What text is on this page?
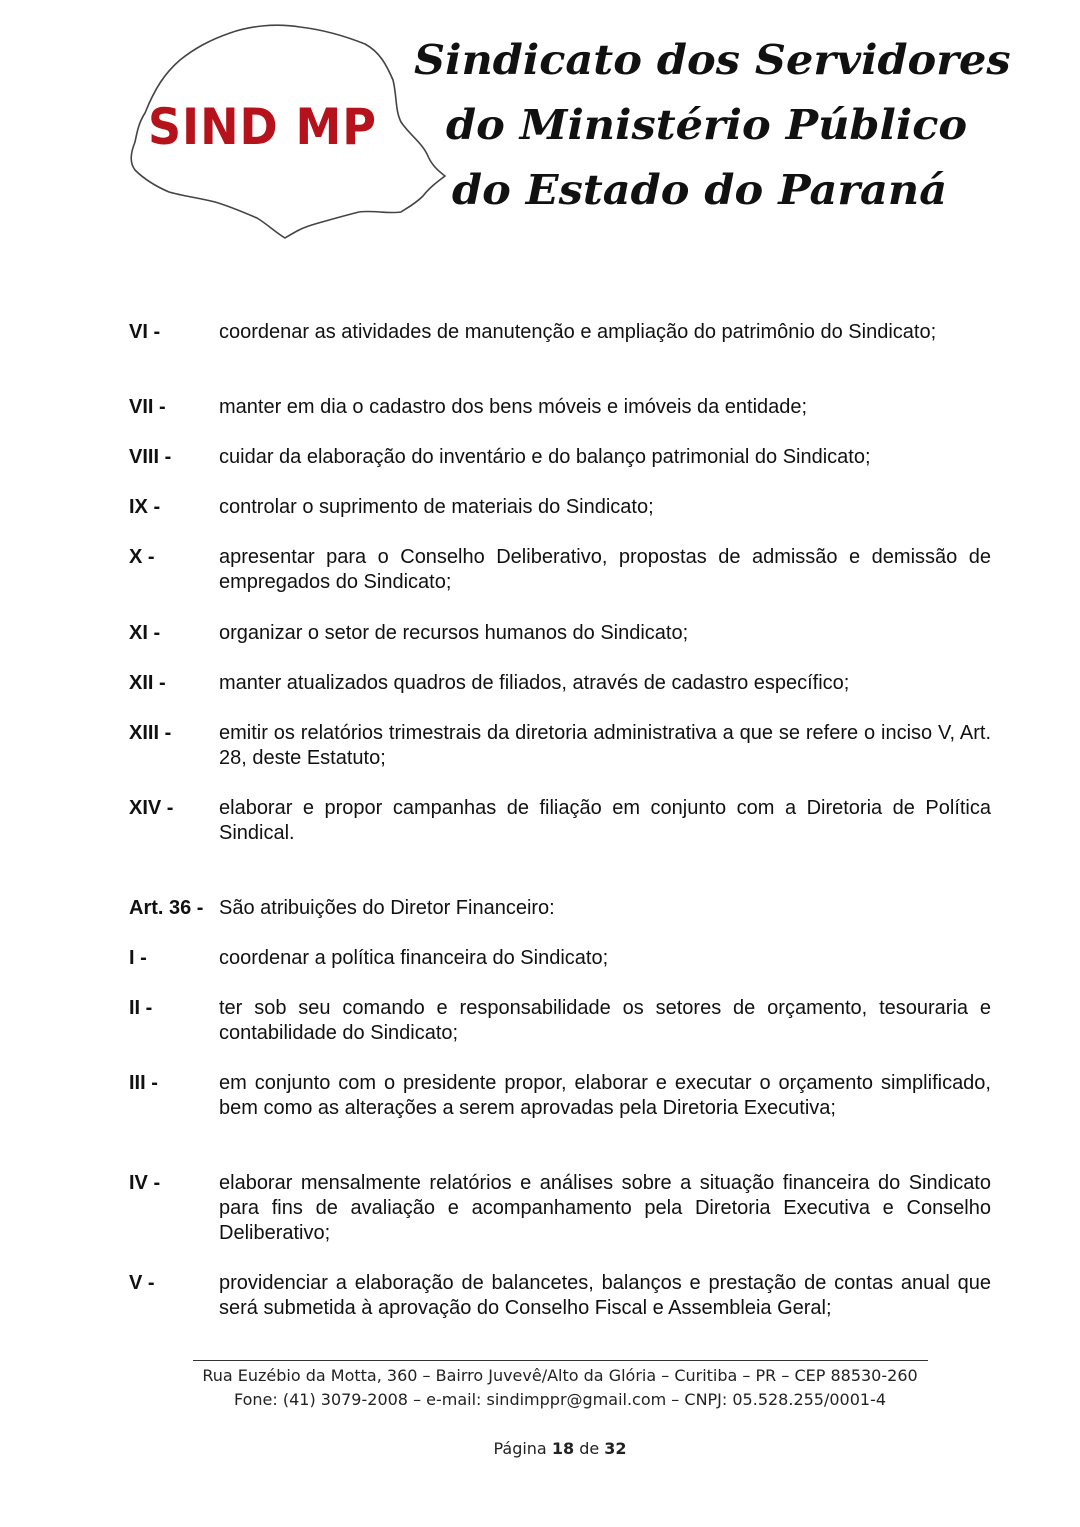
SIND MP
Sindicato dos Servidores
do Ministério Público
do Estado do Paraná
VI -	coordenar as atividades de manutenção e ampliação do patrimônio do Sindicato;
VII -	manter em dia o cadastro dos bens móveis e imóveis da entidade;
VIII - cuidar da elaboração do inventário e do balanço patrimonial do Sindicato;
IX -	controlar o suprimento de materiais do Sindicato;
X -	apresentar para o Conselho Deliberativo, propostas de admissão e demissão de empregados do Sindicato;
XI -	organizar o setor de recursos humanos do Sindicato;
XII -	manter atualizados quadros de filiados, através de cadastro específico;
XIII - emitir os relatórios trimestrais da diretoria administrativa a que se refere o inciso V, Art. 28, deste Estatuto;
XIV - elaborar e propor campanhas de filiação em conjunto com a Diretoria de Política Sindical.
Art. 36 - São atribuições do Diretor Financeiro:
I -	coordenar a política financeira do Sindicato;
II -	ter sob seu comando e responsabilidade os setores de orçamento, tesouraria e contabilidade do Sindicato;
III -	em conjunto com o presidente propor, elaborar e executar o orçamento simplificado, bem como as alterações a serem aprovadas pela Diretoria Executiva;
IV -	elaborar mensalmente relatórios e análises sobre a situação financeira do Sindicato para fins de avaliação e acompanhamento pela Diretoria Executiva e Conselho Deliberativo;
V -	providenciar a elaboração de balancetes, balanços e prestação de contas anual que será submetida à aprovação do Conselho Fiscal e Assembleia Geral;
Rua Euzébio da Motta, 360 – Bairro Juvevê/Alto da Glória – Curitiba – PR – CEP 88530-260
Fone: (41) 3079-2008 – e-mail: sindimppr@gmail.com – CNPJ: 05.528.255/0001-4
Página 18 de 32
